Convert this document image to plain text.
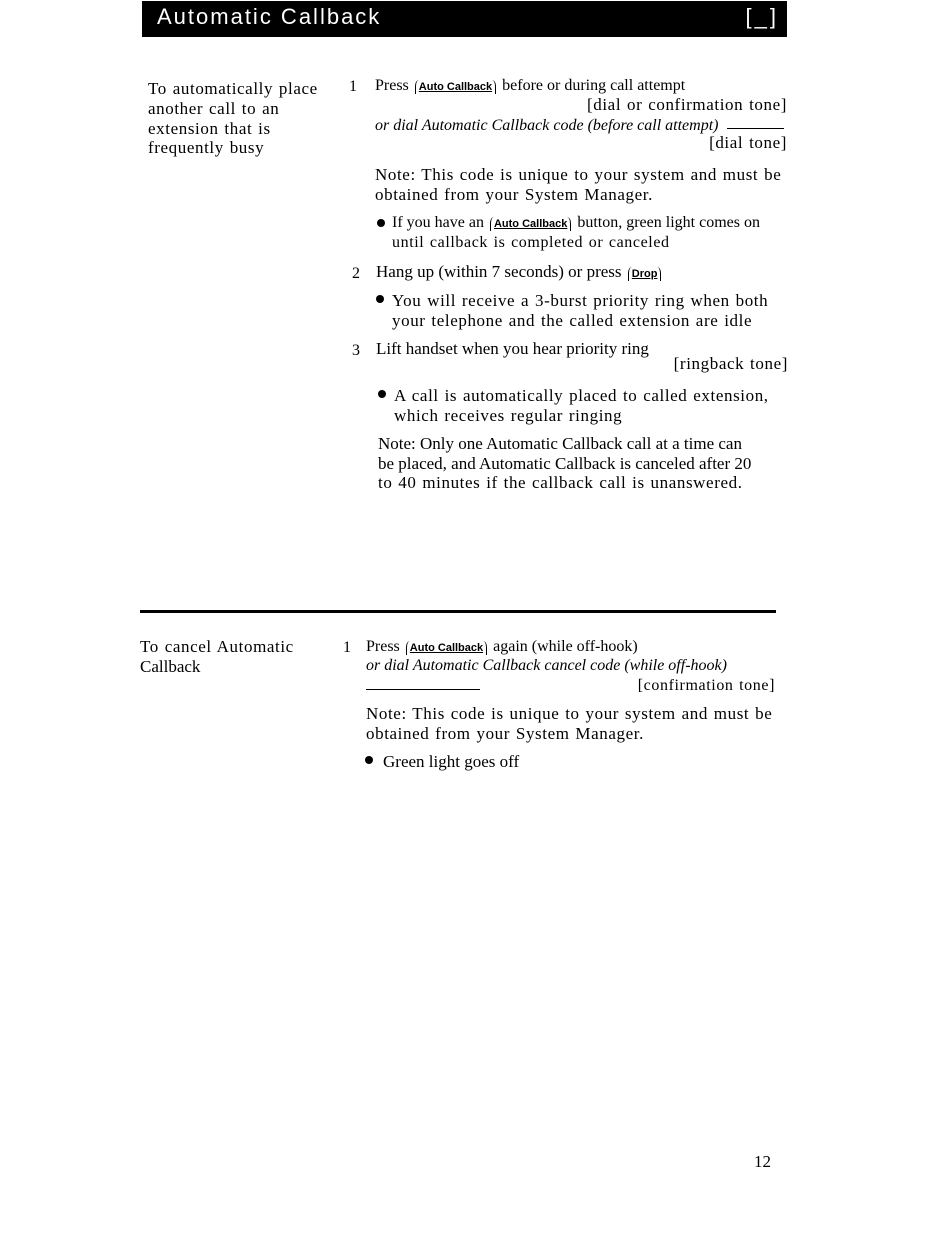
Automatic Callback	[_]
To automatically place
another call to an
extension that is
frequently busy
1 Press Auto Callback before or during call attempt
[dial or confirmation tone]
or dial Automatic Callback code (before call attempt)
[dial tone]
Note: This code is unique to your system and must be
obtained from your System Manager.
If you have an Auto Callback button, green light comes on
until callback is completed or canceled
2 Hang up (within 7 seconds) or press Drop
You will receive a 3-burst priority ring when both
your telephone and the called extension are idle
3 Lift handset when you hear priority ring
[ringback tone]
A call is automatically placed to called extension,
which receives regular ringing
Note: Only one Automatic Callback call at a time can
be placed, and Automatic Callback is canceled after 20
to 40 minutes if the callback call is unanswered.
To cancel Automatic
Callback
1 Press Auto Callback again (while off-hook)
or dial Automatic Callback cancel code (while off-hook)
[confirmation tone]
Note: This code is unique to your system and must be
obtained from your System Manager.
Green light goes off
12
